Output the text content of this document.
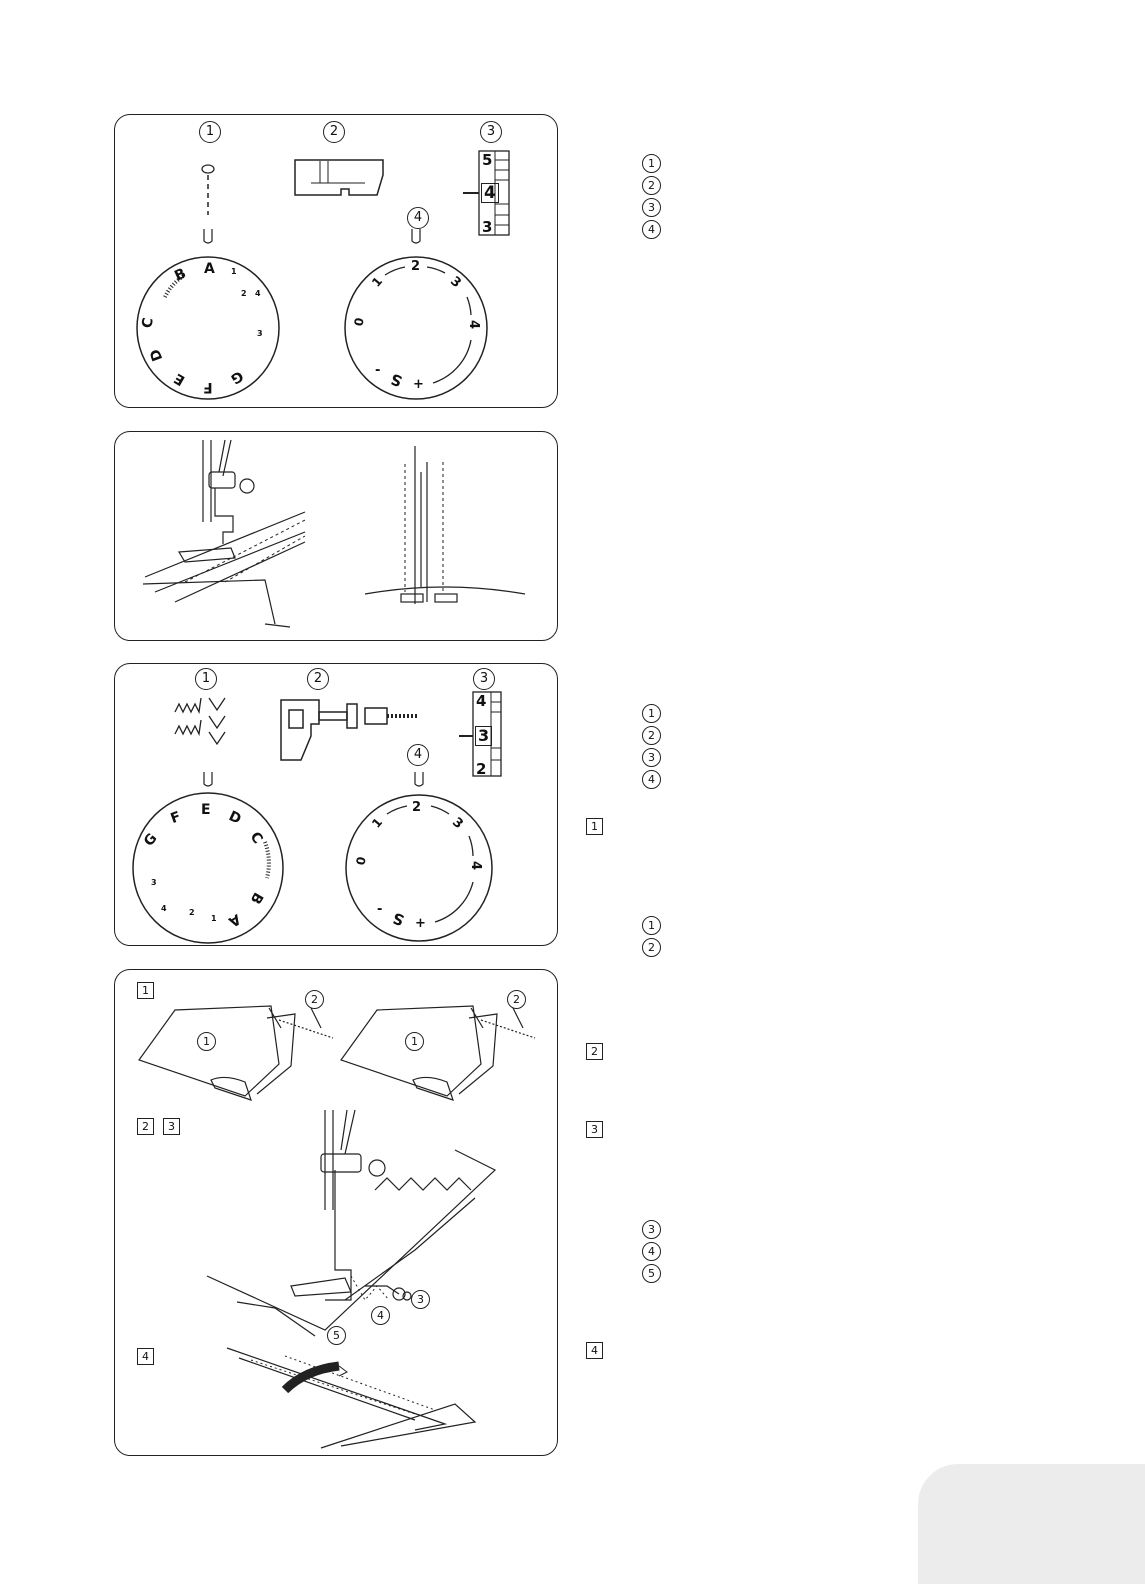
1	2	3
4
5
4
3
A
B
C
D
E F
G
1
2 4
3
0
1
2
3
4
S
-
+
1	2	3
4
4
3
2
G
F E D
C
B
A
3
4	2
1
0
1
2
3
4
S
-
+
1
2	3
4
2
1
2
1
3
4
5
1
2
3
4
1
2
3
4
1
1
2
2
3
3
4
5
4
